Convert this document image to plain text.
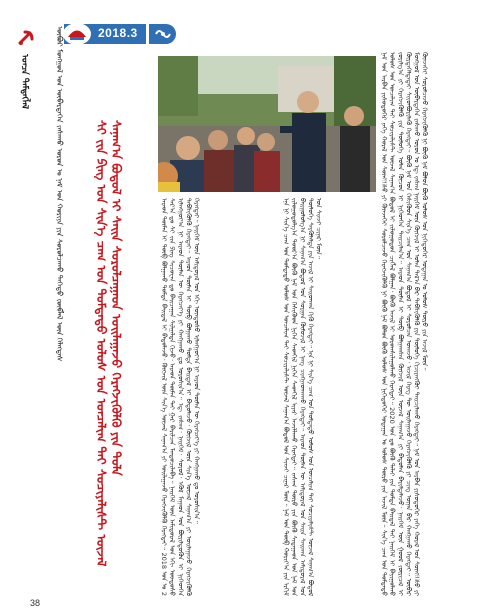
2018.3
ᠨᠠᠮ ᠤᠨ ᠠᠷᠪᠠᠨ ᠶᠢᠰᠦᠳᠦᠭᠡᠷ ᠶᠡᠬᠡ ᠬᠤᠷᠠᠯ ᠤᠨ ᠰᠦᠩ᠋ᠰᠦ ᠶᠢ ᠭᠦᠨᠵᠡᠭᠡᠢ ᠰᠤᠷᠤᠯᠴᠠᠵᠤ ᠬᠡᠷᠡᠭᠵᠢᠭᠦᠯᠬᠦ ᠨᠢ ᠪᠦᠬᠦ ᠨᠠᠮ ᠪᠣᠯᠤᠨ ᠪᠦᠬᠦ ᠤᠯᠤᠰ ᠤᠨ ᠨᠢᠭᠡᠳᠦᠭᠡᠷ ᠤᠳᠠᠭᠠᠨ ᠤ ᠤᠯᠤᠰ ᠲᠥᠷᠦ ᠶᠢᠨ ᠠᠵᠢᠯ ᠮᠥᠨ᠃ ᠰᠢᠨ᠎ᠡ ᠴᠠᠭ ᠤᠨ ᠳᠤᠮᠳᠠᠳᠤ ᠤᠯᠤᠰ ᠤᠨ ᠣᠨᠴᠠᠯᠢᠭ ᠲᠠᠢ ᠰᠣᠴᠢᠶᠠᠯᠢᠰᠲ ᠦᠵᠡᠯ ᠰᠠᠨᠠᠭ᠎ᠠ ᠪᠣᠳᠤᠯ ᠢ ᠵᠢᠯᠤᠭᠤᠳᠤᠨ ᠴᠢᠭᠯᠡᠯ ᠪᠣᠯᠭᠠᠨ᠂ ᠪᠦᠬᠦ ᠠᠵᠢᠯ ᠢ ᠤᠷᠤᠭᠰᠢᠯᠠᠭᠤᠯᠬᠤ ᠬᠡᠷᠡᠭᠲᠡᠢ᠃ 2020 ᠣᠨ ᠳᠤ ᠪᠦᠬᠦ ᠳᠠᠯᠠᠢ ᠶᠢᠨ ᠳᠤᠮᠳᠠ ᠪᠠᠢᠳᠠᠯ ᠲᠠᠢ ᠨᠡᠢᠭᠡᠮ ᠢ ᠪᠠᠶᠢᠭᠤᠯᠬᠤ ᠵᠣᠷᠢᠯᠭ᠎ᠠ ᠶᠢ ᠬᠡᠷᠡᠭᠵᠢᠭᠦᠯᠬᠦ ᠶᠢᠨ ᠲᠥᠯᠦᠭᠡ ᠣᠯᠠᠨ ᠬᠦᠴᠦᠨ ᠢ ᠨᠢᠭᠡᠳᠭᠡᠨ ᠳᠠᠢᠴᠢᠯᠠᠨ᠎ᠠ᠃ ᠠᠷᠠᠳ ᠲᠦᠮᠡᠨ ᠢ ᠲᠥᠪ ᠪᠣᠯᠭᠠᠭᠰᠠᠨ ᠬᠥᠭᠵᠢᠯ ᠦᠨ ᠦᠵᠡᠯ ᠰᠠᠨᠠᠭ᠎ᠠ ᠶᠢ ᠪᠠᠲᠤᠯᠠᠨ ᠪᠠᠷᠢᠮᠲᠠᠯᠠᠵᠤ᠂ ᠨᠡᠢᠭᠡᠮ ᠦᠨ ᠭᠣᠣᠯ ᠵᠥᠷᠢᠴᠡᠯ ᠢ ᠬᠦᠷᠲᠡᠭᠡᠯᠲᠡᠳᠡᠢ ᠰᠢᠢᠳᠪᠦᠷᠢᠯᠡᠬᠦ ᠬᠡᠷᠡᠭᠲᠡᠢ᠃ ᠪᠦᠬᠦ ᠨᠠᠮ ᠤᠨ ᠭᠡᠰᠢᠭᠦᠳ ᠰᠢᠨ᠎ᠡ ᠴᠠᠭ ᠤᠨ ᠰᠠᠨᠠᠭ᠎ᠠ ᠪᠣᠳᠤᠯ ᠢ ᠰᠤᠷᠤᠯᠴᠠᠨ ᠤᠬᠠᠵᠤ᠂ ᠠᠵᠢᠯ ᠬᠡᠷᠡᠭ ᠲᠦ ᠣᠢᠯᠠᠭᠠᠵᠤ ᠬᠡᠷᠡᠭᠵᠢᠭᠦᠯᠬᠦ ᠶᠢ ᠴᠢᠩ ᠦᠨᠡᠨ ᠪᠡᠷ ᠬᠠᠩᠭᠠᠬᠤ ᠬᠡᠷᠡᠭᠲᠡᠢ᠃ ᠥᠪᠡᠷ ᠮᠣᠩᠭᠣᠯ ᠤᠨ ᠥᠪᠡᠷᠲᠡᠭᠡᠨ ᠵᠠᠰᠠᠬᠤ ᠣᠷᠣᠨ ᠤ ᠡᠳ᠋ ᠵᠠᠰᠠᠭ ᠨᠡᠢᠭᠡᠮ ᠦᠨ ᠬᠥᠭᠵᠢᠯ ᠢ ᠣᠯᠠᠨ ᠲᠠᠯ᠎ᠠ ᠪᠠᠷ ᠳᠡᠪᠰᠢᠭᠦᠯᠬᠦ ᠶᠢᠨ ᠲᠥᠯᠦᠭᠡ ᠬᠢᠴᠢᠶᠡᠩᠭᠦᠢ ᠳᠠᠢᠴᠢᠯᠠᠬᠤ ᠬᠡᠷᠡᠭᠲᠡᠢ᠃ ᠨᠠᠮ ᠤᠨ ᠠᠷᠪᠠᠨ ᠶᠢᠰᠦᠳᠦᠭᠡᠷ ᠶᠡᠬᠡ ᠬᠤᠷᠠᠯ ᠤᠨ ᠰᠦᠩ᠋ᠰᠦ ᠶᠢ ᠭᠦᠨᠵᠡᠭᠡᠢ ᠰᠤᠷᠤᠯᠴᠠᠵᠤ ᠬᠡᠷᠡᠭᠵᠢᠭᠦᠯᠬᠦ ᠨᠢ ᠪᠦᠬᠦ ᠨᠠᠮ ᠪᠣᠯᠤᠨ ᠪᠦᠬᠦ ᠤᠯᠤᠰ ᠤᠨ ᠨᠢᠭᠡᠳᠦᠭᠡᠷ ᠤᠳᠠᠭᠠᠨ ᠤ ᠤᠯᠤᠰ ᠲᠥᠷᠦ ᠶᠢᠨ ᠠᠵᠢᠯ ᠮᠥᠨ᠃
ᠡᠨᠡ ᠨᠢ ᠰᠢᠨ᠎ᠡ ᠴᠠᠭ ᠤᠨ ᠳᠤᠮᠳᠠᠳᠤ ᠤᠯᠤᠰ ᠤᠨ ᠣᠨᠴᠠᠯᠢᠭ ᠲᠠᠢ ᠰᠣᠴᠢᠶᠠᠯᠢᠰᠲ ᠦᠵᠡᠯ ᠰᠠᠨᠠᠭ᠎ᠠ ᠪᠣᠳᠤᠯ ᠤᠨ ᠰᠢᠨᠵᠢ ᠴᠢᠨᠠᠷ ᠮᠥᠨ᠃ ᠨᠠᠮ ᠤᠨ ᠲᠥᠪ ᠬᠣᠷᠢᠶ᠎ᠠ ᠶᠢᠨ ᠡᠷᠬᠢᠮ ᠵᠢᠯᠤᠭᠤᠳᠤᠯᠭ᠎ᠠ ᠳᠣᠣᠷ᠎ᠠ ᠪᠦᠬᠦ ᠨᠠᠮ ᠤᠨ ᠭᠡᠰᠢᠭᠦᠳ ᠨᠢᠭᠡᠨ ᠰᠡᠳᠬᠢᠯ ᠨᠢᠭᠡᠨ ᠰᠡᠳᠬᠢᠯ ᠢᠶᠡᠷ ᠠᠵᠢᠯᠯᠠᠬᠤ ᠬᠡᠷᠡᠭᠲᠡᠢ᠃ ᠵᠠᠰᠠᠭ ᠲᠥᠷᠦ ᠶᠢᠨ ᠪᠦᠬᠦ ᠰᠢᠲᠠᠭᠠᠳ ᠤᠨ ᠨᠠᠮ ᠤᠨ ᠪᠠᠢᠭᠤᠯᠤᠯᠭ᠎ᠠ ᠨᠢ ᠰᠠᠨᠠᠭ᠎ᠠ ᠪᠣᠳᠤᠯ ᠤᠨ ᠰᠤᠷᠭᠠᠨ ᠬᠥᠮᠦᠵᠢᠯ ᠢ ᠨᠡᠩ ᠴᠢᠩᠭᠠᠳᠬᠠᠬᠤ ᠬᠡᠷᠡᠭᠲᠡᠢ᠃ ᠠᠷᠠᠳ ᠲᠦᠮᠡᠨ ᠦ ᠠᠮᠢᠳᠤᠷᠠᠯ ᠤᠨ ᠰᠠᠢᠨ ᠰᠠᠢᠬᠠᠨ ᠠᠮᠢᠳᠤᠷᠠᠯ ᠤᠨ ᠲᠥᠯᠦᠭᠡ ᠰᠡᠷᠭᠦᠯᠡᠯᠲᠡ ᠶᠢᠨ ᠠᠵᠢᠯ ᠢ ᠰᠠᠢᠳᠬᠠᠨ ᠬᠢᠬᠦ ᠬᠡᠷᠡᠭᠲᠡᠢ᠃ ᠡᠨᠡ ᠨᠢ ᠰᠢᠨ᠎ᠡ ᠴᠠᠭ ᠤᠨ ᠳᠤᠮᠳᠠᠳᠤ ᠤᠯᠤᠰ ᠤᠨ ᠣᠨᠴᠠᠯᠢᠭ ᠲᠠᠢ ᠰᠣᠴᠢᠶᠠᠯᠢᠰᠲ ᠦᠵᠡᠯ ᠰᠠᠨᠠᠭ᠎ᠠ ᠪᠣᠳᠤᠯ ᠤᠨ ᠰᠢᠨᠵᠢ ᠴᠢᠨᠠᠷ ᠮᠥᠨ᠃
ᠠᠷᠠᠳ ᠲᠦᠮᠡᠨ ᠢ ᠲᠥᠪ ᠪᠣᠯᠭᠠᠬᠤ ᠳᠤᠮᠳᠠ ᠪᠠᠢᠳᠠᠯ ᠢ ᠪᠠᠲᠤᠯᠠᠵᠤ᠂ ᠬᠥᠭᠵᠢᠯ ᠦᠨ ᠰᠢᠨ᠎ᠡ ᠦᠵᠡᠯ ᠰᠠᠨᠠᠭ᠎ᠠ ᠶᠢ ᠣᠢᠯᠠᠭᠠᠵᠤ ᠬᠡᠷᠡᠭᠵᠢᠭᠦᠯᠬᠦ ᠬᠡᠷᠡᠭᠲᠡᠢ᠃ 2018 ᠣᠨ ᠤ 2 ᠰᠠᠷ᠎ᠠ ᠳᠤ ᠰᠢ ᠵᠢᠨ ᠫᠢᠩ ᠰᠢᠴᠤᠸᠠᠨ ᠳᠤ ᠪᠠᠢᠴᠠᠭᠠᠨ ᠰᠢᠯᠭᠠᠯᠲᠠ ᠬᠢᠵᠦ᠂ ᠠᠷᠠᠳ ᠲᠦᠮᠡᠨ ᠲᠡᠢ ᠭᠠᠷ ᠪᠠᠷᠢᠯᠴᠠᠨ ᠮᠡᠨᠳᠦᠴᠢᠯᠡᠪᠡ᠃ ᠨᠡᠢᠭᠡᠮ ᠦᠨ ᠠᠮᠢᠳᠤᠷᠠᠯ ᠤᠨ ᠡᠬᠢ ᠦᠨᠳᠦᠰᠦ ᠢᠯᠠᠩᠭᠤᠶ᠎ᠠ ᠨᠢ ᠠᠷᠠᠳ ᠲᠦᠮᠡᠨ ᠦ ᠬᠡᠷᠡᠭᠴᠡᠶ᠎ᠡ ᠶᠢ ᠬᠠᠩᠭᠠᠬᠤ ᠳᠤ ᠣᠷᠣᠰᠢᠨ᠎ᠠ᠃ ᠡᠳ᠋ ᠵᠠᠰᠠᠭ᠂ ᠨᠡᠢᠭᠡᠮ᠂ ᠰᠣᠶᠣᠯ᠂ ᠡᠭᠦᠯ ᠮᠠᠭᠠᠳ ᠤᠨ ᠪᠦᠷᠢᠯᠳᠦᠬᠦᠨ ᠢ ᠨᠢᠭᠡᠳᠬᠡᠨ ᠳᠡᠪᠰᠢᠭᠦᠯᠬᠦ ᠬᠡᠷᠡᠭᠲᠡᠢ᠃ ᠠᠷᠠᠳ ᠲᠦᠮᠡᠨ ᠢ ᠲᠥᠪ ᠪᠣᠯᠭᠠᠬᠤ ᠳᠤᠮᠳᠠ ᠪᠠᠢᠳᠠᠯ ᠢ ᠪᠠᠲᠤᠯᠠᠵᠤ᠂ ᠬᠥᠭᠵᠢᠯ ᠦᠨ ᠰᠢᠨ᠎ᠡ ᠦᠵᠡᠯ ᠰᠠᠨᠠᠭ᠎ᠠ ᠶᠢ ᠣᠢᠯᠠᠭᠠᠵᠤ ᠬᠡᠷᠡᠭᠵᠢᠭᠦᠯᠬᠦ ᠬᠡᠷᠡᠭᠲᠡᠢ᠃ ᠨᠡᠢᠭᠡᠮ ᠦᠨ ᠠᠮᠢᠳᠤᠷᠠᠯ ᠤᠨ ᠡᠬᠢ ᠦᠨᠳᠦᠰᠦ ᠢᠯᠠᠩᠭᠤᠶ᠎ᠠ ᠨᠢ ᠠᠷᠠᠳ ᠲᠦᠮᠡᠨ ᠦ ᠬᠡᠷᠡᠭᠴᠡᠶ᠎ᠡ ᠶᠢ ᠬᠠᠩᠭᠠᠬᠤ ᠳᠤ ᠣᠷᠣᠰᠢᠨ᠎ᠠ᠃
ᠰᠢ ᠵᠢᠨ ᠫᠢᠩ ᠤᠨ ᠰᠢᠨ᠎ᠡ ᠴᠠᠭ ᠤᠨ ᠳᠤᠮᠳᠠᠳᠤ ᠤᠯᠤᠰ ᠤᠨ ᠣᠨᠴᠠᠯᠢᠭ ᠲᠠᠢ ᠰᠣᠴᠢᠶᠠᠯᠢᠰᠲ ᠦᠵᠡᠯ ᠰᠠᠨᠠᠭ᠎ᠠ ᠪᠣᠳᠤᠯ ᠢ ᠰᠠᠢᠨ ᠰᠤᠷᠤᠯᠴᠠᠭᠠᠳ ᠣᠢᠯᠠᠭᠠᠵᠤ ᠬᠡᠷᠡᠭᠵᠢᠭᠦᠯᠬᠦ ᠶᠢᠨ ᠲᠤᠯᠠ
ᠦᠪᠦᠷ ᠮᠣᠩᠭᠣᠯ ᠤᠨ ᠥᠪᠡᠷᠲᠡᠭᠡᠨ ᠵᠠᠰᠠᠬᠤ ᠣᠷᠣᠨ ᠤ ᠨᠠᠮ ᠤᠨ ᠬᠣᠷᠢᠶᠠ ᠶᠢᠨ ᠰᠤᠷᠤᠯᠴᠠᠬᠤ ᠳᠡᠭᠡᠳᠦ ᠵᠥᠪᠯᠡᠯ ᠦᠨ ᠬᠡᠯᠡᠭᠲᠡᠰ
ᠣᠨᠴᠠ ᠲᠡᠮᠳᠡᠭᠯᠡᠯ
38
